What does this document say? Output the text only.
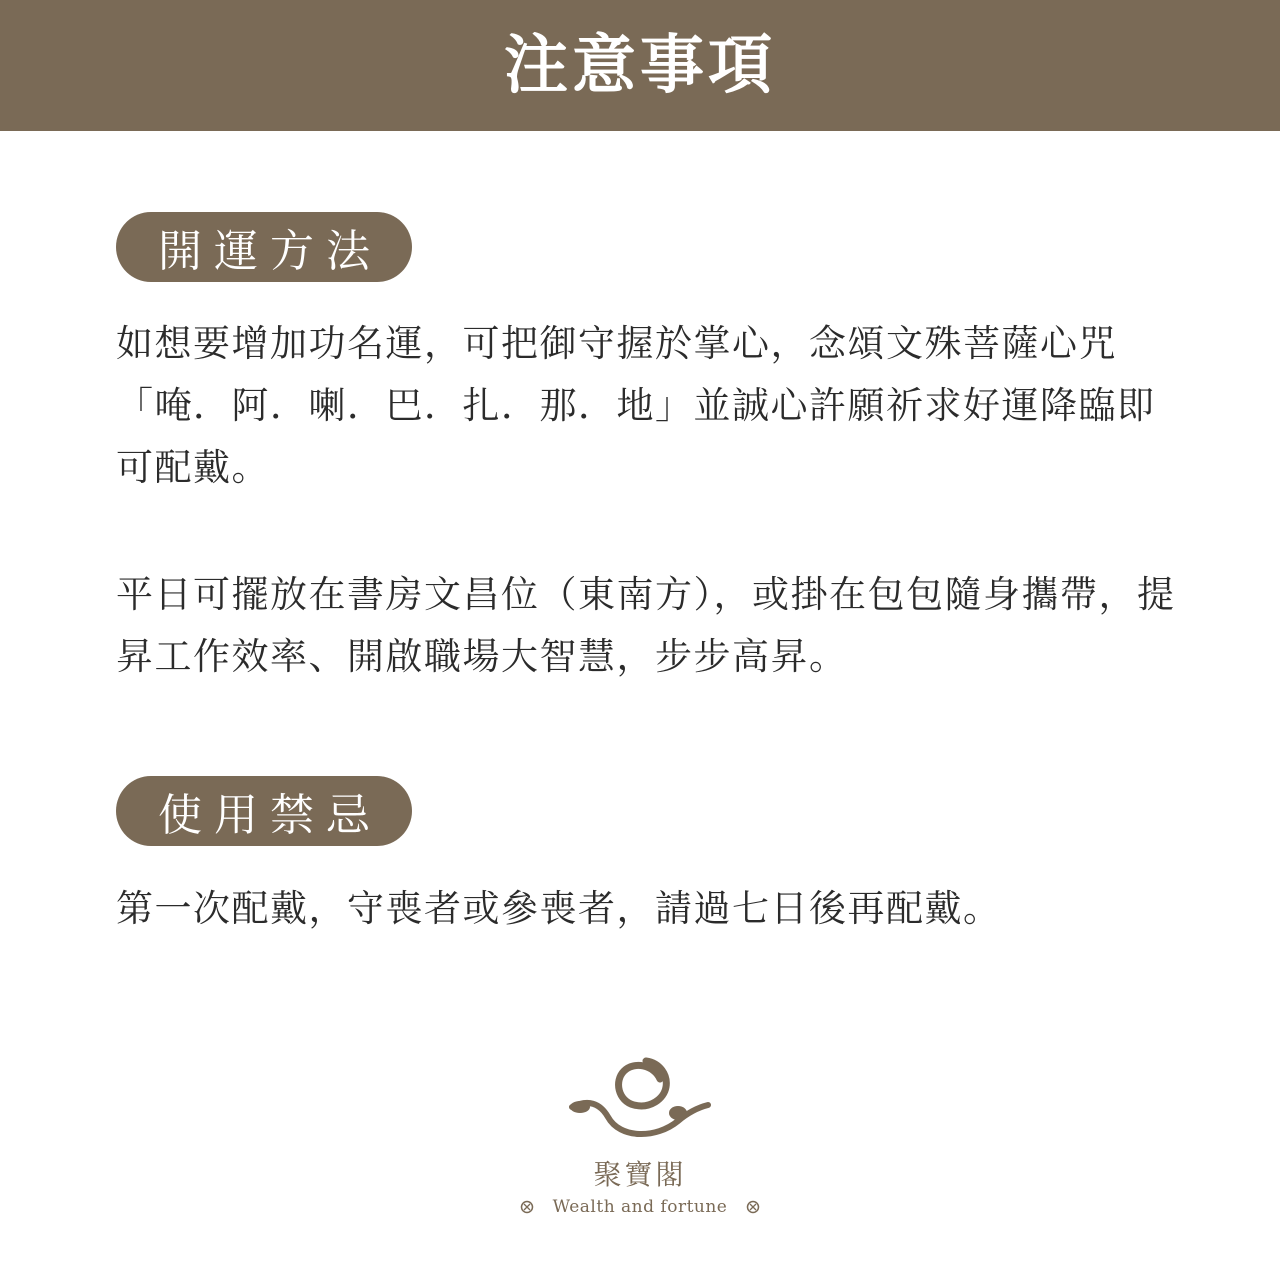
注意事項
開運方法

如想要增加功名運，可把御守握於掌心，念頌文殊菩薩心咒「唵．阿．喇．巴．扎．那．地」並誠心許願祈求好運降臨即可配戴。

平日可擺放在書房文昌位（東南方），或掛在包包隨身攜帶，提昇工作效率、開啟職場大智慧，步步高昇。

使用禁忌

第一次配戴，守喪者或參喪者，請過七日後再配戴。

聚寶閣
Wealth and fortune
